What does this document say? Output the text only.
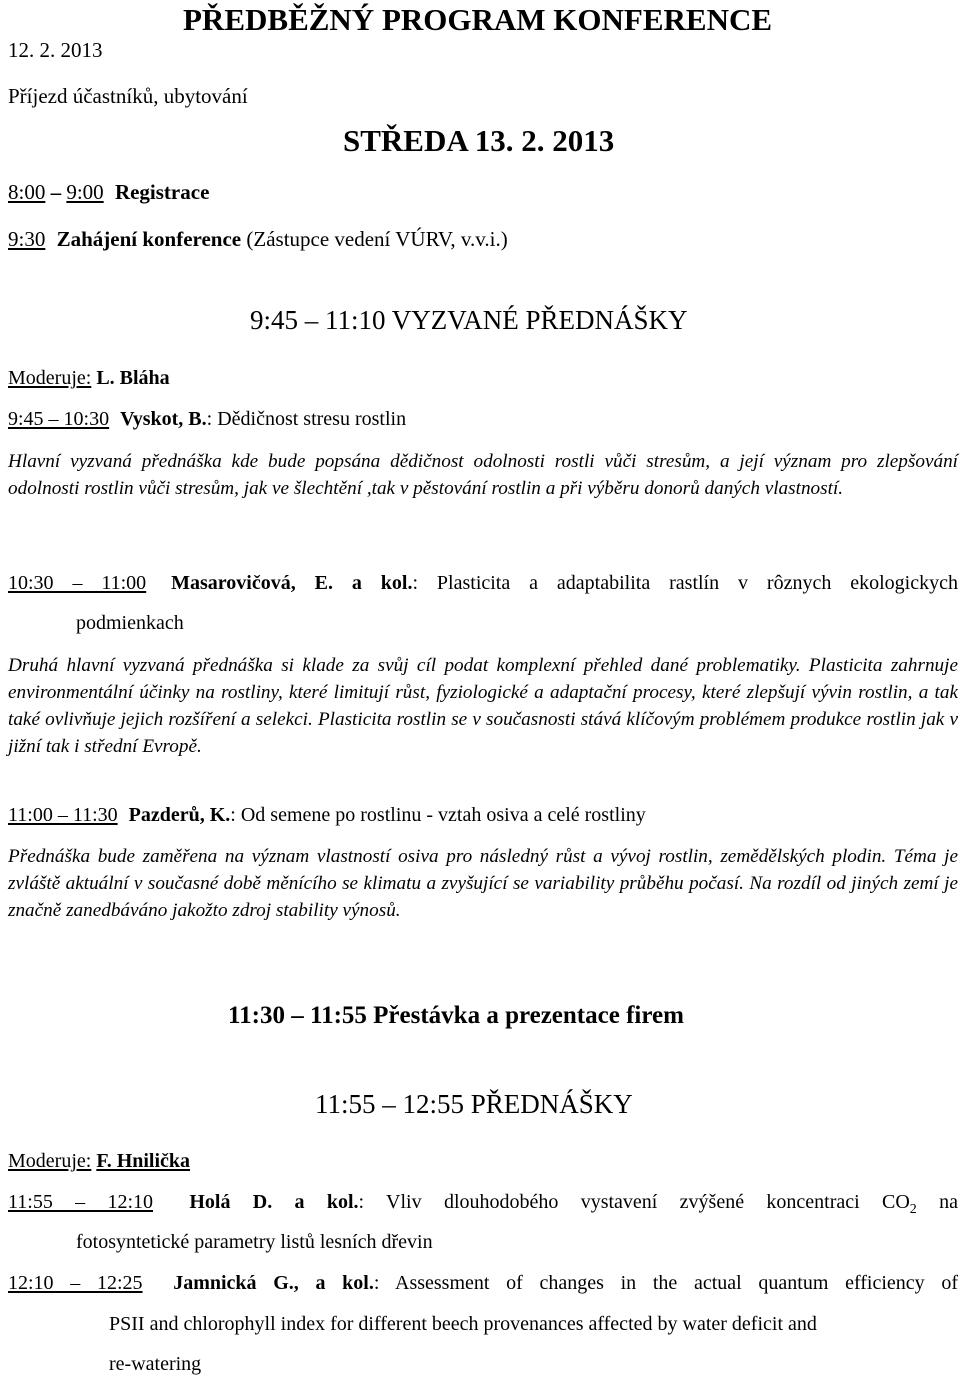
12. 2. 2013
PŘEDBĚŽNÝ PROGRAM KONFERENCE
Příjezd účastníků, ubytování
STŘEDA 13. 2. 2013
8:00 – 9:00 Registrace
9:30 Zahájení konference (Zástupce vedení VÚRV, v.v.i.)
9:45 – 11:10 VYZVANÉ PŘEDNÁŠKY
Moderuje: L. Bláha
9:45 – 10:30 Vyskot, B.: Dědičnost stresu rostlin

Hlavní vyzvaná přednáška kde bude popsána dědičnost odolnosti rostli vůči stresům, a její význam pro zlepšování odolnosti rostlin vůči stresům, jak ve šlechtění ,tak v pěstování rostlin a při výběru donorů daných vlastností.

10:30 – 11:00 Masarovičová, E. a kol.: Plasticita a adaptabilita rastlín v rôznych ekologickych
podmienkach

Druhá hlavní vyzvaná přednáška si klade za svůj cíl podat komplexní přehled dané problematiky. Plasticita zahrnuje environmentální účinky na rostliny, které limitují růst, fyziologické a adaptační procesy, které zlepšují vývin rostlin, a tak také ovlivňuje jejich rozšíření a selekci. Plasticita rostlin se v současnosti stává klíčovým problémem produkce rostlin jak v jižní tak i střední Evropě.

11:00 – 11:30 Pazderů, K.: Od semene po rostlinu - vztah osiva a celé rostliny

Přednáška bude zaměřena na význam vlastností osiva pro následný růst a vývoj rostlin, zemědělských plodin. Téma je zvláště aktuální v současné době měnícího se klimatu a zvyšující se variability průběhu počasí. Na rozdíl od jiných zemí je značně zanedbáváno jakožto zdroj stability výnosů.

11:30 – 11:55 Přestávka a prezentace firem
11:55 – 12:55 PŘEDNÁŠKY
Moderuje: F. Hnilička
11:55 – 12:10 Holá D. a kol.: Vliv dlouhodobého vystavení zvýšené koncentraci $CO_2$ na
fotosyntetické parametry listů lesních dřevin
12:10 – 12:25 Jamnická G., a kol.: Assessment of changes in the actual quantum efficiency of
PSII and chlorophyll index for different beech provenances affected by water deficit and
re-watering
